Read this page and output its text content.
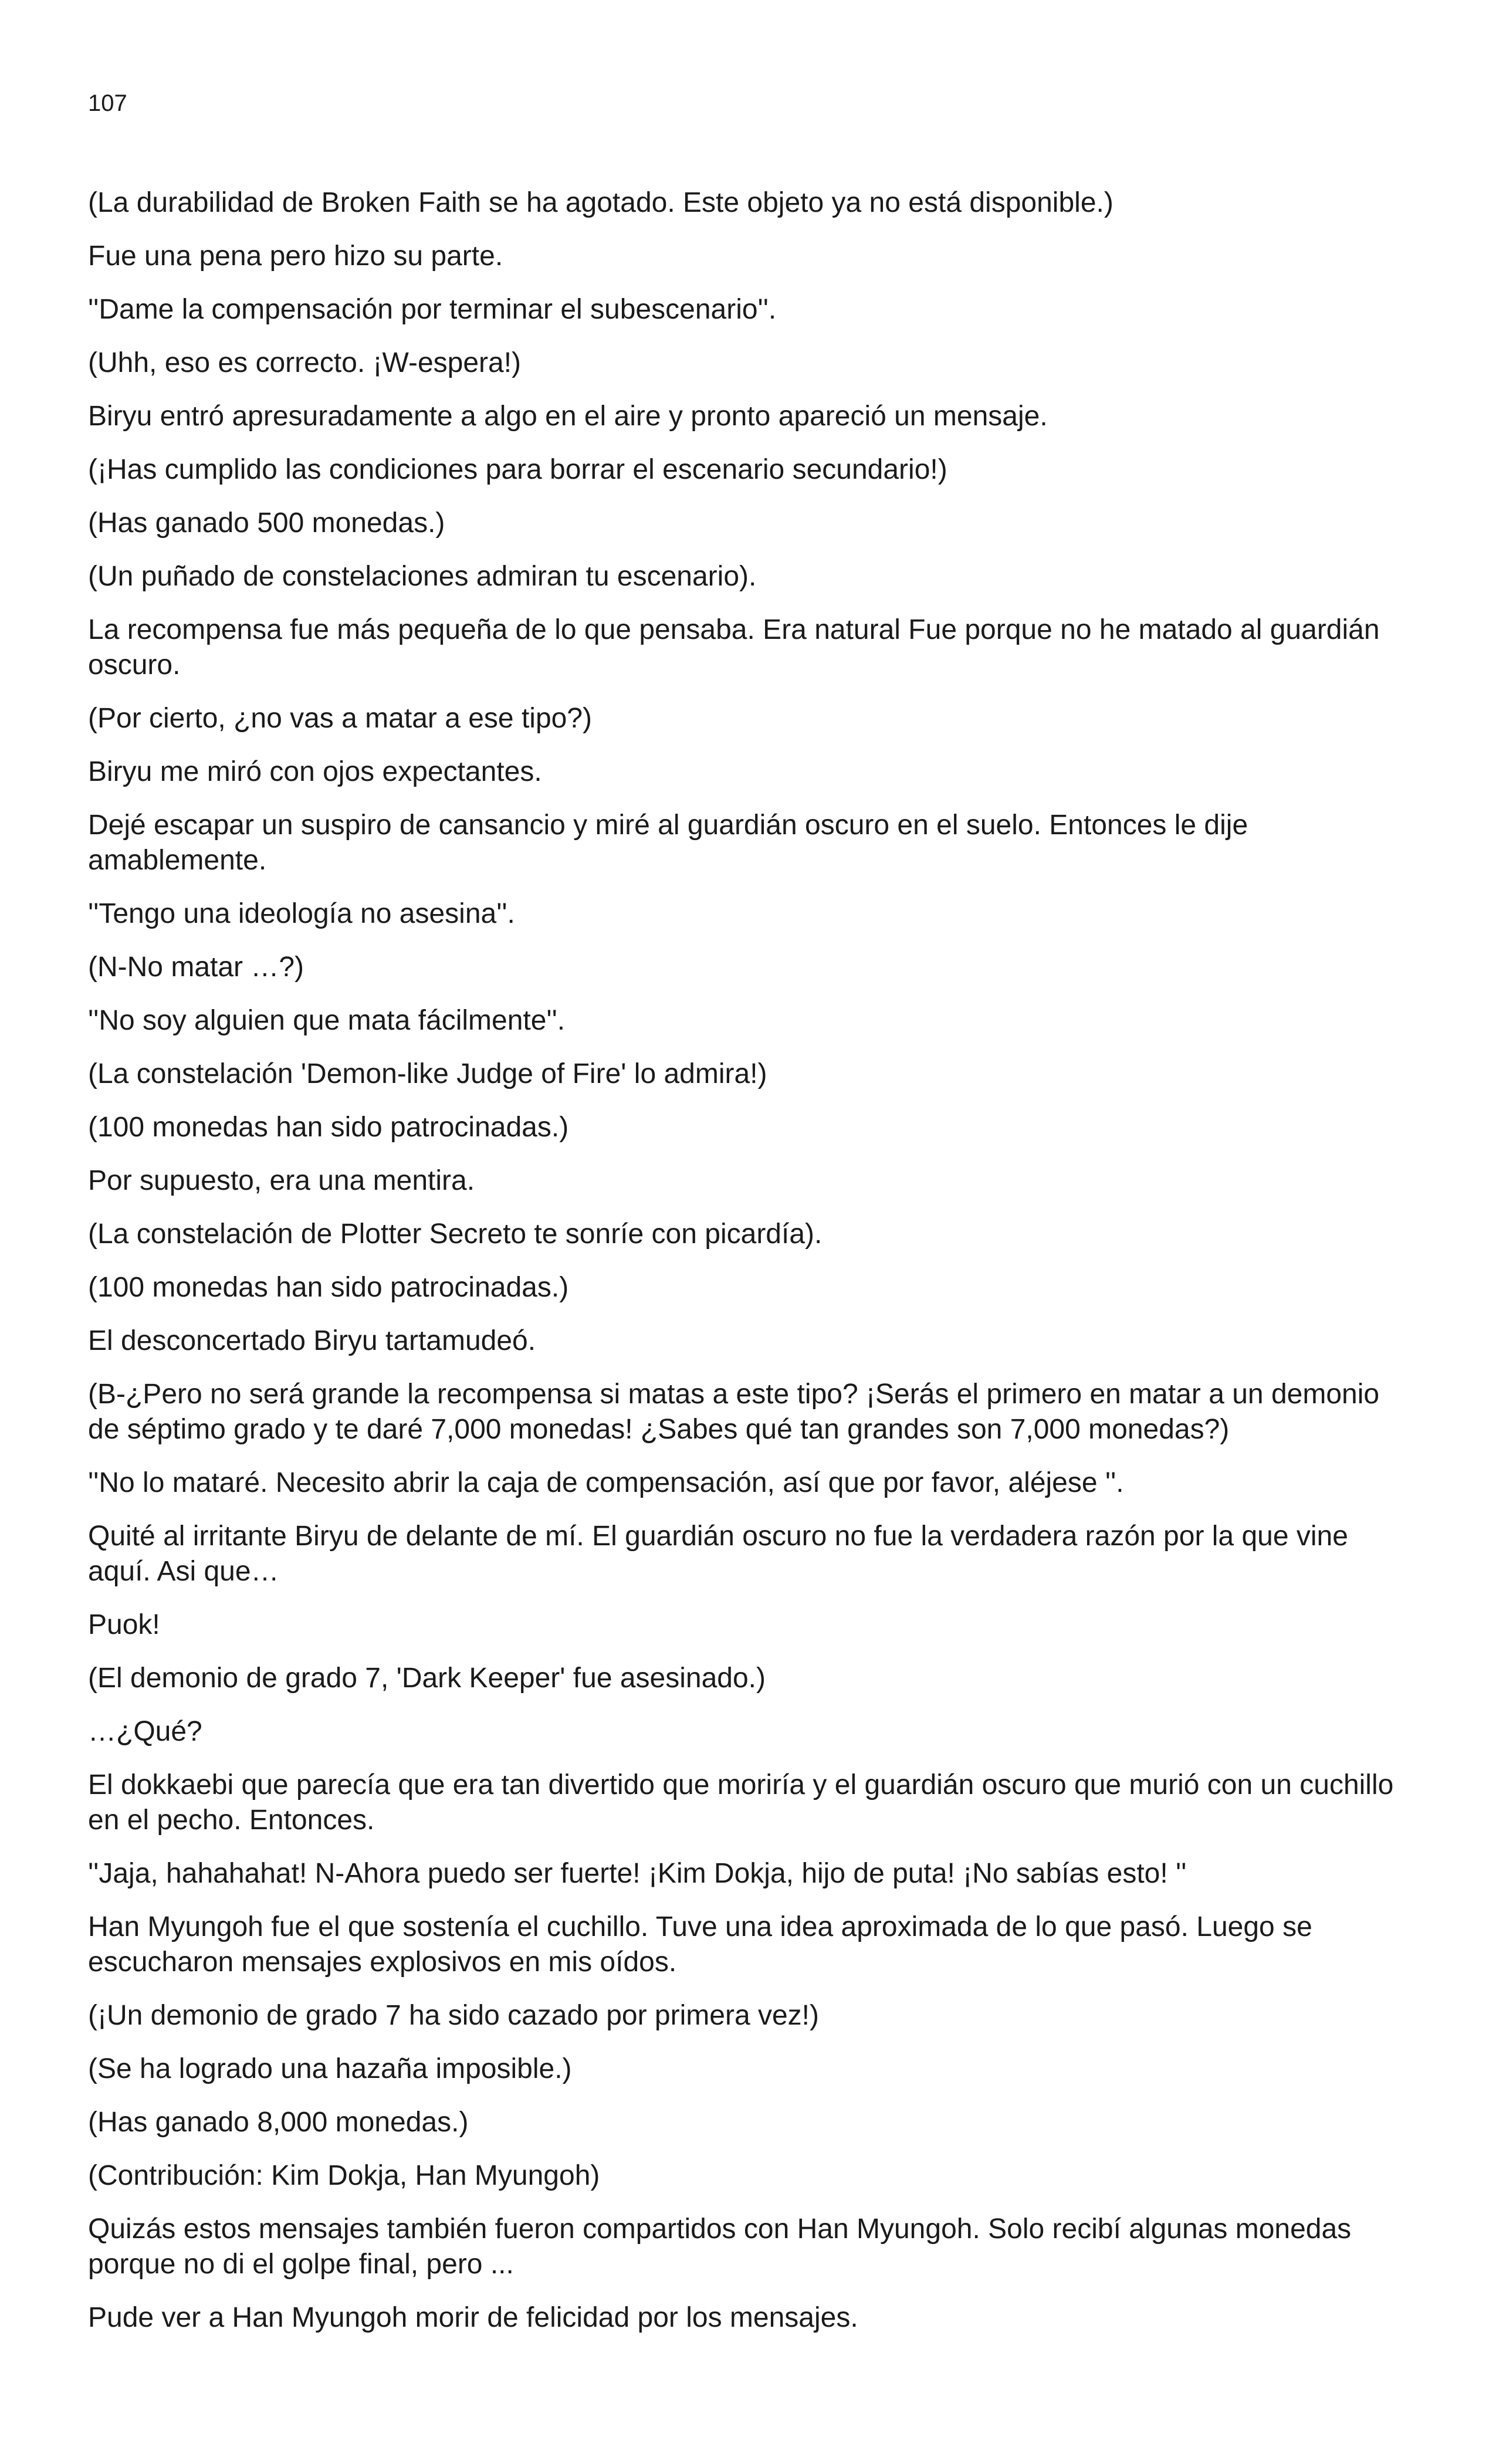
107

(La durabilidad de Broken Faith se ha agotado. Este objeto ya no está disponible.)

Fue una pena pero hizo su parte.

''Dame la compensación por terminar el subescenario''.

(Uhh, eso es correcto. ¡W-espera!)

Biryu entró apresuradamente a algo en el aire y pronto apareció un mensaje.

(¡Has cumplido las condiciones para borrar el escenario secundario!)

(Has ganado 500 monedas.)

(Un puñado de constelaciones admiran tu escenario).

La recompensa fue más pequeña de lo que pensaba. Era natural Fue porque no he matado al guardián oscuro.

(Por cierto, ¿no vas a matar a ese tipo?)

Biryu me miró con ojos expectantes.

Dejé escapar un suspiro de cansancio y miré al guardián oscuro en el suelo. Entonces le dije amablemente.

''Tengo una ideología no asesina''.

(N-No matar …?)

''No soy alguien que mata fácilmente''.

(La constelación 'Demon-like Judge of Fire' lo admira!)

(100 monedas han sido patrocinadas.)

Por supuesto, era una mentira.

(La constelación de Plotter Secreto te sonríe con picardía).

(100 monedas han sido patrocinadas.)

El desconcertado Biryu tartamudeó.

(B-¿Pero no será grande la recompensa si matas a este tipo? ¡Serás el primero en matar a un demonio de séptimo grado y te daré 7,000 monedas! ¿Sabes qué tan grandes son 7,000 monedas?)

''No lo mataré. Necesito abrir la caja de compensación, así que por favor, aléjese ''.

Quité al irritante Biryu de delante de mí. El guardián oscuro no fue la verdadera razón por la que vine aquí. Asi que…

Puok!

(El demonio de grado 7, 'Dark Keeper' fue asesinado.)

…¿Qué?

El dokkaebi que parecía que era tan divertido que moriría y el guardián oscuro que murió con un cuchillo en el pecho. Entonces.

''Jaja, hahahahat! N-Ahora puedo ser fuerte! ¡Kim Dokja, hijo de puta! ¡No sabías esto! ''

Han Myungoh fue el que sostenía el cuchillo. Tuve una idea aproximada de lo que pasó. Luego se escucharon mensajes explosivos en mis oídos.

(¡Un demonio de grado 7 ha sido cazado por primera vez!)

(Se ha logrado una hazaña imposible.)

(Has ganado 8,000 monedas.)

(Contribución: Kim Dokja, Han Myungoh)

Quizás estos mensajes también fueron compartidos con Han Myungoh. Solo recibí algunas monedas porque no di el golpe final, pero ...

Pude ver a Han Myungoh morir de felicidad por los mensajes.
